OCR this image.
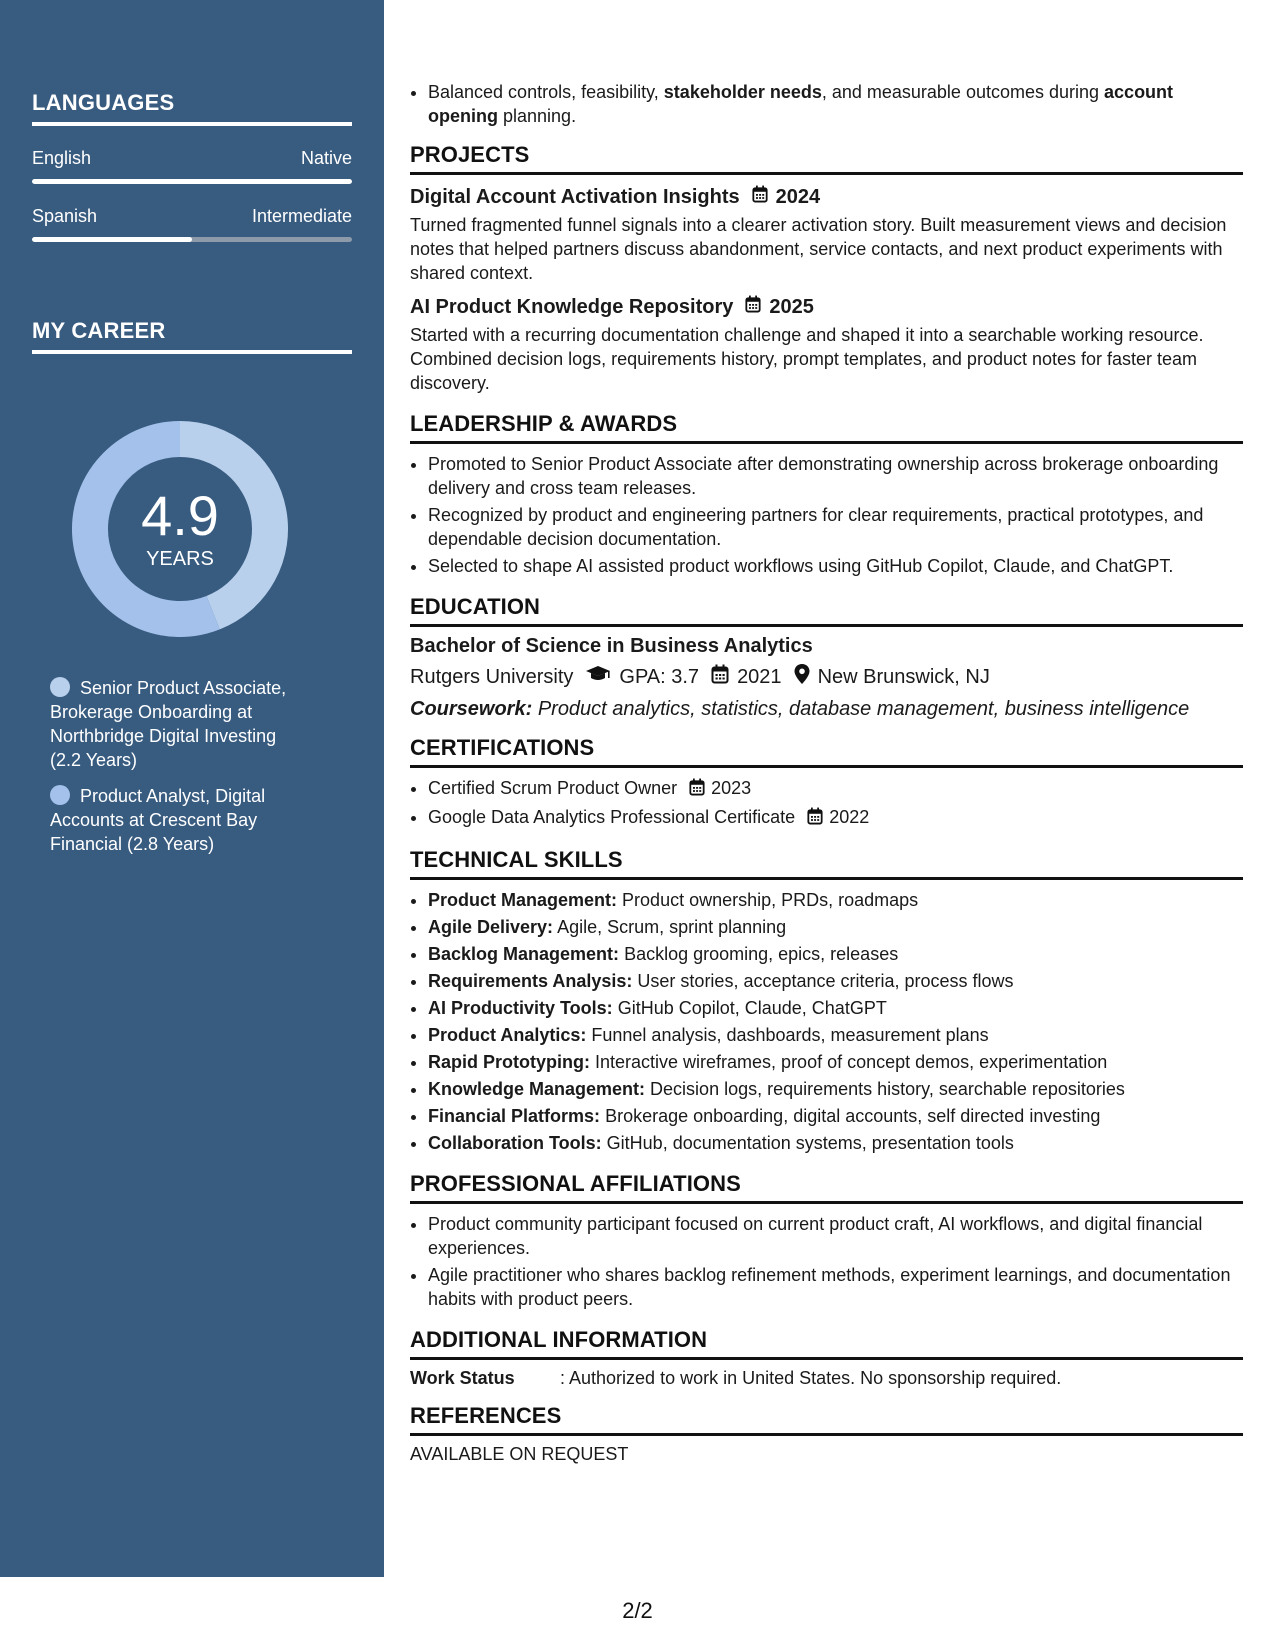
LANGUAGES
English	Native
Spanish	Intermediate
MY CAREER
4.9
YEARS
Senior Product Associate, Brokerage Onboarding at Northbridge Digital Investing (2.2 Years)
Product Analyst, Digital Accounts at Crescent Bay Financial (2.8 Years)
• Balanced controls, feasibility, stakeholder needs, and measurable outcomes during account opening planning.
PROJECTS
Digital Account Activation Insights 2024

Turned fragmented funnel signals into a clearer activation story. Built measurement views and decision notes that helped partners discuss abandonment, service contacts, and next product experiments with shared context.

AI Product Knowledge Repository 2025

Started with a recurring documentation challenge and shaped it into a searchable working resource. Combined decision logs, requirements history, prompt templates, and product notes for faster team discovery.

LEADERSHIP & AWARDS
• Promoted to Senior Product Associate after demonstrating ownership across brokerage onboarding delivery and cross team releases.
• Recognized by product and engineering partners for clear requirements, practical prototypes, and dependable decision documentation.
• Selected to shape AI assisted product workflows using GitHub Copilot, Claude, and ChatGPT.
EDUCATION
Bachelor of Science in Business Analytics
Rutgers University GPA: 3.7 2021 New Brunswick, NJ
Coursework: Product analytics, statistics, database management, business intelligence
CERTIFICATIONS
• Certified Scrum Product Owner 2023
• Google Data Analytics Professional Certificate 2022
TECHNICAL SKILLS
• Product Management: Product ownership, PRDs, roadmaps
• Agile Delivery: Agile, Scrum, sprint planning
• Backlog Management: Backlog grooming, epics, releases
• Requirements Analysis: User stories, acceptance criteria, process flows
• AI Productivity Tools: GitHub Copilot, Claude, ChatGPT
• Product Analytics: Funnel analysis, dashboards, measurement plans
• Rapid Prototyping: Interactive wireframes, proof of concept demos, experimentation
• Knowledge Management: Decision logs, requirements history, searchable repositories
• Financial Platforms: Brokerage onboarding, digital accounts, self directed investing
• Collaboration Tools: GitHub, documentation systems, presentation tools
PROFESSIONAL AFFILIATIONS
• Product community participant focused on current product craft, AI workflows, and digital financial experiences.
• Agile practitioner who shares backlog refinement methods, experiment learnings, and documentation habits with product peers.
ADDITIONAL INFORMATION
Work Status	: Authorized to work in United States. No sponsorship required.
REFERENCES
AVAILABLE ON REQUEST
2/2
